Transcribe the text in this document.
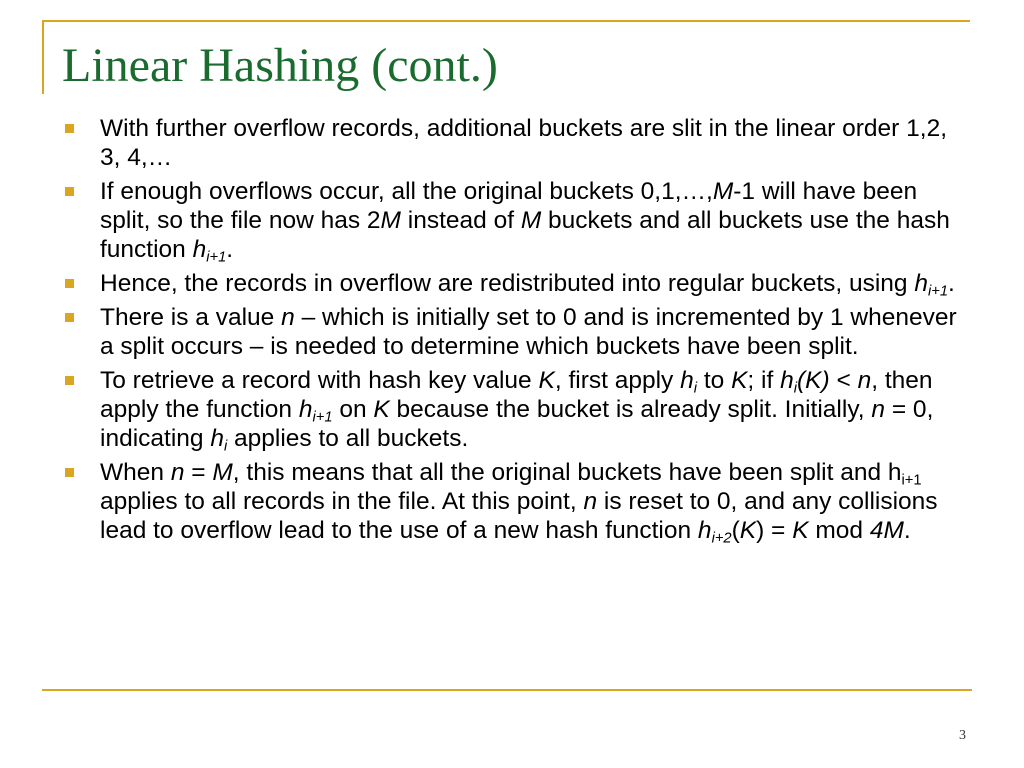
Linear Hashing (cont.)
With further overflow records, additional buckets are slit in the linear order 1,2, 3, 4,…
If enough overflows occur, all the original buckets 0,1,…,M-1 will have been split, so the file now has 2M instead of M buckets and all buckets use the hash function $h_{i+1}$.
Hence, the records in overflow are redistributed into regular buckets, using $h_{i+1}$.
There is a value n – which is initially set to 0 and is incremented by 1 whenever a split occurs – is needed to determine which buckets have been split.
To retrieve a record with hash key value K, first apply $h_i$ to K; if $h_i(K) < n$, then apply the function $h_{i+1}$ on K because the bucket is already split. Initially, n = 0, indicating $h_i$ applies to all buckets.
When n = M, this means that all the original buckets have been split and $h_{i+1}$ applies to all records in the file. At this point, n is reset to 0, and any collisions lead to overflow lead to the use of a new hash function $h_{i+2}(K) = K$ mod 4M.
3
